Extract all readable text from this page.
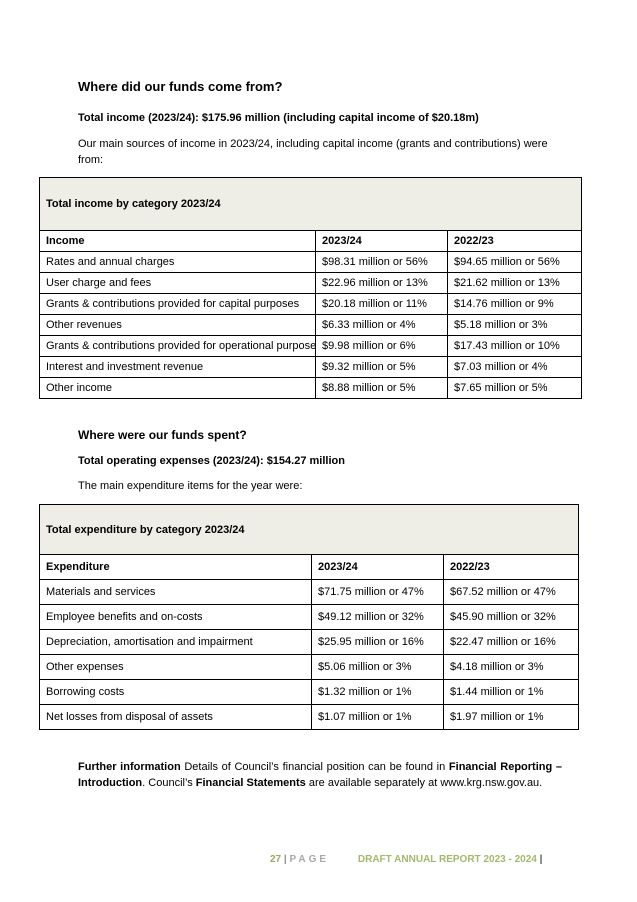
Where did our funds come from?
Total income (2023/24): $175.96 million (including capital income of $20.18m)
Our main sources of income in 2023/24, including capital income (grants and contributions) were from:
Total income by category 2023/24		
Income	2023/24	2022/23
Rates and annual charges	$98.31 million or 56%	$94.65 million or 56%
User charge and fees	$22.96 million or 13%	$21.62 million or 13%
Grants & contributions provided for capital purposes	$20.18 million or 11%	$14.76 million or 9%
Other revenues	$6.33 million or 4%	$5.18 million or 3%
Grants & contributions provided for operational purpose	$9.98 million or 6%	$17.43 million or 10%
Interest and investment revenue	$9.32 million or 5%	$7.03 million or 4%
Other income	$8.88 million or 5%	$7.65 million or 5%
Where were our funds spent?
Total operating expenses (2023/24): $154.27 million
The main expenditure items for the year were:
Total expenditure by category 2023/24		
Expenditure	2023/24	2022/23
Materials and services	$71.75 million or 47%	$67.52 million or 47%
Employee benefits and on-costs	$49.12 million or 32%	$45.90 million or 32%
Depreciation, amortisation and impairment	$25.95 million or 16%	$22.47 million or 16%
Other expenses	$5.06 million or 3%	$4.18 million or 3%
Borrowing costs	$1.32 million or 1%	$1.44 million or 1%
Net losses from disposal of assets	$1.07 million or 1%	$1.97 million or 1%
Further information Details of Council’s financial position can be found in Financial Reporting – Introduction. Council’s Financial Statements are available separately at www.krg.nsw.gov.au.
27 | PAGE	DRAFT ANNUAL REPORT 2023 - 2024 |
